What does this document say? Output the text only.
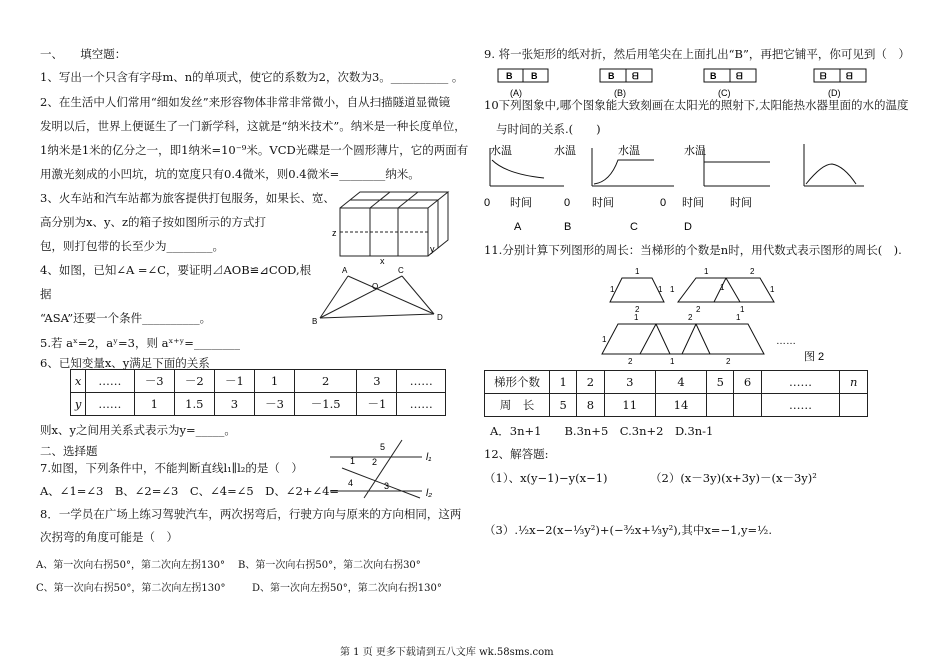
一、　　填空题：
1、写出一个只含有字母m、n的单项式，使它的系数为2，次数为3。__________ 。
2、在生活中人们常用“细如发丝”来形容物体非常非常微小，自从扫描隧道显微镜
发明以后，世界上便诞生了一门新学科，这就是“纳米技术”。纳米是一种长度单位，
1纳米是1米的亿分之一，即1纳米=10⁻⁹米。VCD光碟是一个圆形薄片，它的两面有
用激光刻成的小凹坑，坑的宽度只有0.4微米，则0.4微米=________纳米。
3、火车站和汽车站都为旅客提供打包服务，如果长、宽、
高分别为x、y、z的箱子按如图所示的方式打
包，则打包带的长至少为________。
z
y
x
4、如图，已知∠A =∠C，要证明⊿AOB≌⊿COD,根
据
“ASA”还要一个条件__________。
A	C
O
B	D
5.若 aˣ=2，aʸ=3，则 aˣ⁺ʸ=________
6、已知变量x、y满足下面的关系
x	……	－3	－2	－1	1	2	3	……
y	……	1	1.5	3	－3	－1.5	－1	……
则x、y之间用关系式表示为y=_____。
二、选择题
7.如图，下列条件中，不能判断直线l₁∥l₂的是（　）
A、∠1=∠3　B、∠2=∠3　C、∠4=∠5　D、∠2+∠4=
5
2
1
4	3
l₁
l₂
8．一学员在广场上练习驾驶汽车，两次拐弯后，行驶方向与原来的方向相同，这两
次拐弯的角度可能是（　）
A、第一次向右拐50°，第二次向左拐130° B、第一次向右拐50°，第二次向右拐30°
C、第一次向右拐50°，第二次向左拐130°	D、第一次向左拐50°，第二次向右拐130°
9. 将一张矩形的纸对折，然后用笔尖在上面扎出“B”，再把它铺平，你可见到（　）
B B	B ᗺ	B ᗺ	ᗷ ᗺ
(A)	(B)	(C)	(D)
10下列图象中,哪个图象能大致刻画在太阳光的照射下,太阳能热水器里面的水的温度
与时间的关系.(　　)
水温	水温	水温	水温
0 时间	0 时间	0 时间 时间
A	B	C	D
11.分别计算下列图形的周长：当梯形的个数是n时，用代数式表示图形的周长(　).
1
1	1
2
1	2
1	1	1
2	1
1
1	2	1
2	1	2
……
图 2
梯形个数	1	2	3	4	5	6	……	n
周　长	5	8	11	14			……	
A．3n+1　　B.3n+5　C.3n+2　D.3n-1
12、解答题:
（1）、x(y−1)−y(x−1)	（2）(x－3y)(x+3y)－(x－3y)²
（3）.½x−2(x−⅓y²)+(−³⁄₂x+⅓y²),其中x=−1,y=½.
第 1 页 更多下载请到五八文库 wk.58sms.com
